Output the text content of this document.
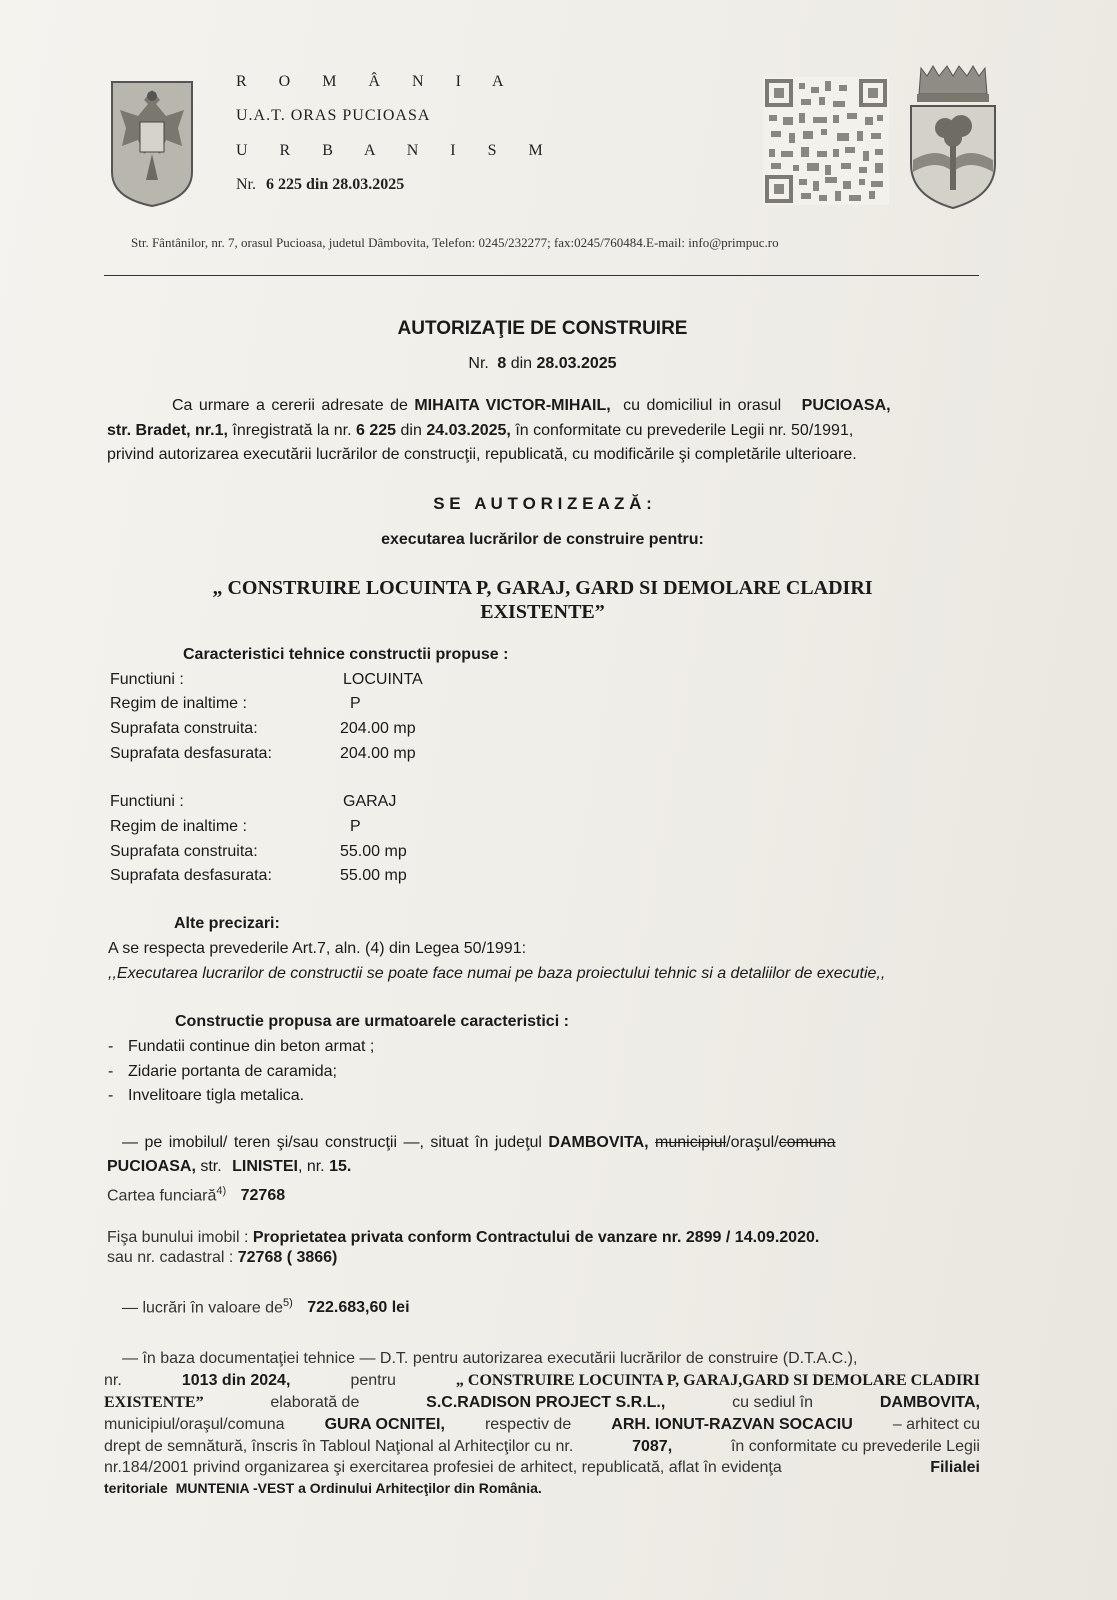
R O M Â N I A
U.A.T. ORAS PUCIOASA
U R B A N I S M
Nr. 6 225 din 28.03.2025
Str. Fântânilor, nr. 7, orasul Pucioasa, judetul Dâmbovita, Telefon: 0245/232277; fax:0245/760484.E-mail: info@primpuc.ro
AUTORIZAŢIE DE CONSTRUIRE
Nr. 8 din 28.03.2025
Ca urmare a cererii adresate de MIHAITA VICTOR-MIHAIL, cu domiciliul in orasul PUCIOASA,
str. Bradet, nr.1, înregistrată la nr. 6 225 din 24.03.2025, în conformitate cu prevederile Legii nr. 50/1991,
privind autorizarea executării lucrărilor de construcţii, republicată, cu modificările şi completările ulterioare.
S E   A U T O R I Z E A Z Ă :
executarea lucrărilor de construire pentru:
„ CONSTRUIRE LOCUINTA P, GARAJ, GARD SI DEMOLARE CLADIRI
EXISTENTE”
Caracteristici tehnice constructii propuse :
Functiuni :	LOCUINTA
Regim de inaltime :	P
Suprafata construita:	204.00 mp
Suprafata desfasurata:	204.00 mp
Functiuni :	GARAJ
Regim de inaltime :	P
Suprafata construita:	55.00 mp
Suprafata desfasurata:	55.00 mp
Alte precizari:
A se respecta prevederile Art.7, aln. (4) din Legea 50/1991:
,,Executarea lucrarilor de constructii se poate face numai pe baza proiectului tehnic si a detaliilor de executie,,
Constructie propusa are urmatoarele caracteristici :
- Fundatii continue din beton armat ;
- Zidarie portanta de caramida;
- Invelitoare tigla metalica.
— pe imobilul/ teren şi/sau construcţii —, situat în judeţul DAMBOVITA, municipiul/oraşul/comuna
PUCIOASA, str. LINISTEI, nr. 15.
Cartea funciară$^{4)}$ 72768
Fişa bunului imobil : Proprietatea privata conform Contractului de vanzare nr. 2899 / 14.09.2020.
sau nr. cadastral : 72768 ( 3866)
— lucrări în valoare $de^{5)}$ 722.683,60 lei
— în baza documentaţiei tehnice — D.T. pentru autorizarea executării lucrărilor de construire (D.T.A.C.),
nr.	1013 din 2024,	pentru	„ CONSTRUIRE LOCUINTA P, GARAJ,GARD SI DEMOLARE CLADIRI
EXISTENTE”	elaborată de	S.C.RADISON PROJECT S.R.L.,	cu sediul în	DAMBOVITA,
municipiul/oraşul/comuna	GURA OCNITEI,	respectiv de	ARH. IONUT-RAZVAN SOCACIU	– arhitect cu
drept de semnătură, înscris în Tabloul Naţional al Arhitecţilor cu nr.	7087,	în conformitate cu prevederile Legii
nr.184/2001 privind organizarea şi exercitarea profesiei de arhitect, republicată, aflat în evidenţa	Filialei
teritoriale MUNTENIA -VEST a Ordinului Arhitecţilor din România.
